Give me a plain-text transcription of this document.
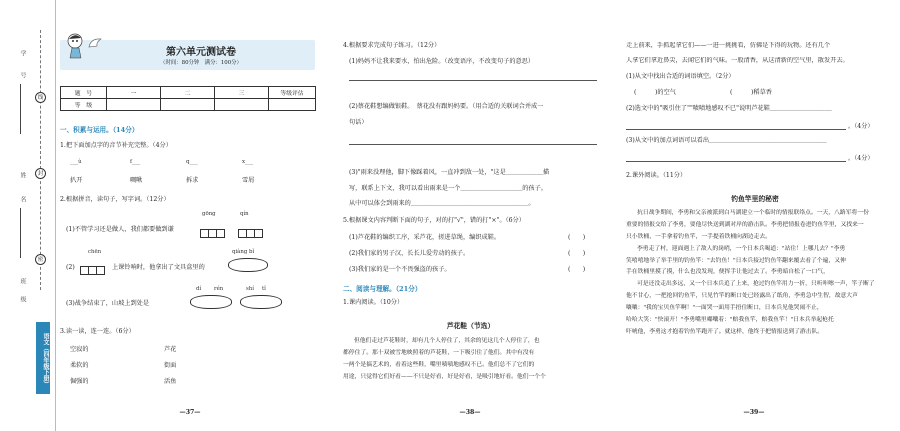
学
号
姓
名
班
级
线
封
密
语文（四年级下册）
第六单元测试卷
（时间：80分钟　满分：100分）
题　号	一	二	三	等级评估
等　级				
一、积累与运用。（14分）
1.把下面加点字的音节补充完整。（4分）
___ù	f___	q___	x___
扒开	啁啾	拆求	雪屑
2.根据拼音，读句子，写字词。（12分）
gōng	qín
(1)不管学习还是做人，我们都要做到谦
chēn	qiàng bǐ
(2)	上课铃响时，他拿出了文具盒里的
dí rén	shí tǐ
(3)战争结束了，山坡上到处是
3.读一读，连一连。（6分）
空寂的
柔软的
倔强的
芦花
街面
活鱼
—37—
4.根据要求完成句子练习。（12分）
(1)妈妈不让我来要水，怕出危险。（改变语序，不改变句子的意思）
(2)蔡花鞋想编做银鞋。　蔡花没有跟妈妈要。（用合适的关联词合并成一
句话）
(3)"雨来没理他，脚下像踩着风，一直冲到敌一处，"这是＿＿＿＿＿＿描
写，联系上下文，我可以看出雨来是一个＿＿＿＿＿＿＿＿＿＿的孩子。
从中可以体会到雨来的＿＿＿＿＿＿＿＿＿＿＿＿＿＿＿＿＿＿＿。
5.根据课文内容判断下面的句子，对的打"√"，错的打"×"。（6分）
(1)芦花鞋的编织工序，采芦花，搓进草绳，编织成鞋。	(　　)
(2)我们家的男子汉，长长儿爱劳动的孩子。	(　　)
(3)我们家的是一个不畏强盗的孩子。	(　　)
二、阅读与理解。（21分）
1.课内阅读。（10分）
芦花鞋（节选）

但他们走过芦花鞋时，却有几个人停住了，其余的见这几个人停住了，也

都停住了。那十双被雪地映照着的芦花鞋，一下吸引住了他们。其中有没有

一两个是搞艺术的，看着这些鞋，嘴里啧啧地感叹不已。他们总不了它们的

用途，只觉得它们好看——不只是好看，好是好看，是吸引地好看。他们一个个

—38—
走上前来，手抓起拿它们——一进一挑挑看，仿佛是下得的玩物。还有几个
人拿它们拿近鼻尖，去闻它们的气味。一股清香，从这清新的空气里，散发开去。
(1)从文中找出合适的词语填空。（2分）
(　　　)的空气	(　　　)稻草香
(2)选文中的"吸引住了""啧啧地感叹不已"说明芦花鞋＿＿＿＿＿＿＿＿＿＿
。（4分）
(3)从文中的加点词语可以看出＿＿＿＿＿＿＿＿＿＿＿＿＿＿＿＿＿＿＿
。（4分）
2.课外阅读。（11分）
钓鱼竿里的秘密

抗日战争期间，李勇和父亲被派到白马湖建立一个临时的情报联络点。一天，八路军将一份

重要的情报交给了李勇，要他尽快送到湖对岸的游击队。李勇把情报卷进钓鱼竿里，又找来一

只小铁桶，一手拿着钓鱼竿，一手提着铁桶向湖边走去。

李勇走了村，迎面遇上了敌人的岗哨，一个日本兵喝道："站住！上哪儿去？"李勇

笑嘻嘻地举了举手里的钓鱼竿："去钓鱼！"日本兵接过钓鱼竿翻来覆去看了个遍，又伸

手在铁桶里摸了摸，什么也没发现，便挥手让他过去了。李勇暗自松了一口气，

可是还没走出多远，又一个日本兵追了上来，抢过钓鱼竿用力一折，只听咔嚓一声，竿子断了

他不甘心，一把抢回钓鱼竿，只见竹竿的断口处已经露出了纸角，李勇急中生智，故意大声

嚷嚷："我的宝贝鱼竿啊！"一面哭一面用手捂住断口，日本兵见他哭闹不止，

哈哈大笑："快滚开！"李勇嘴里嘟囔着："赔我鱼竿，赔我鱼竿！"日本兵举起枪托

吓唬他，李勇这才抱着钓鱼竿跑开了。就这样，他终于把情报送到了游击队。

—39—
